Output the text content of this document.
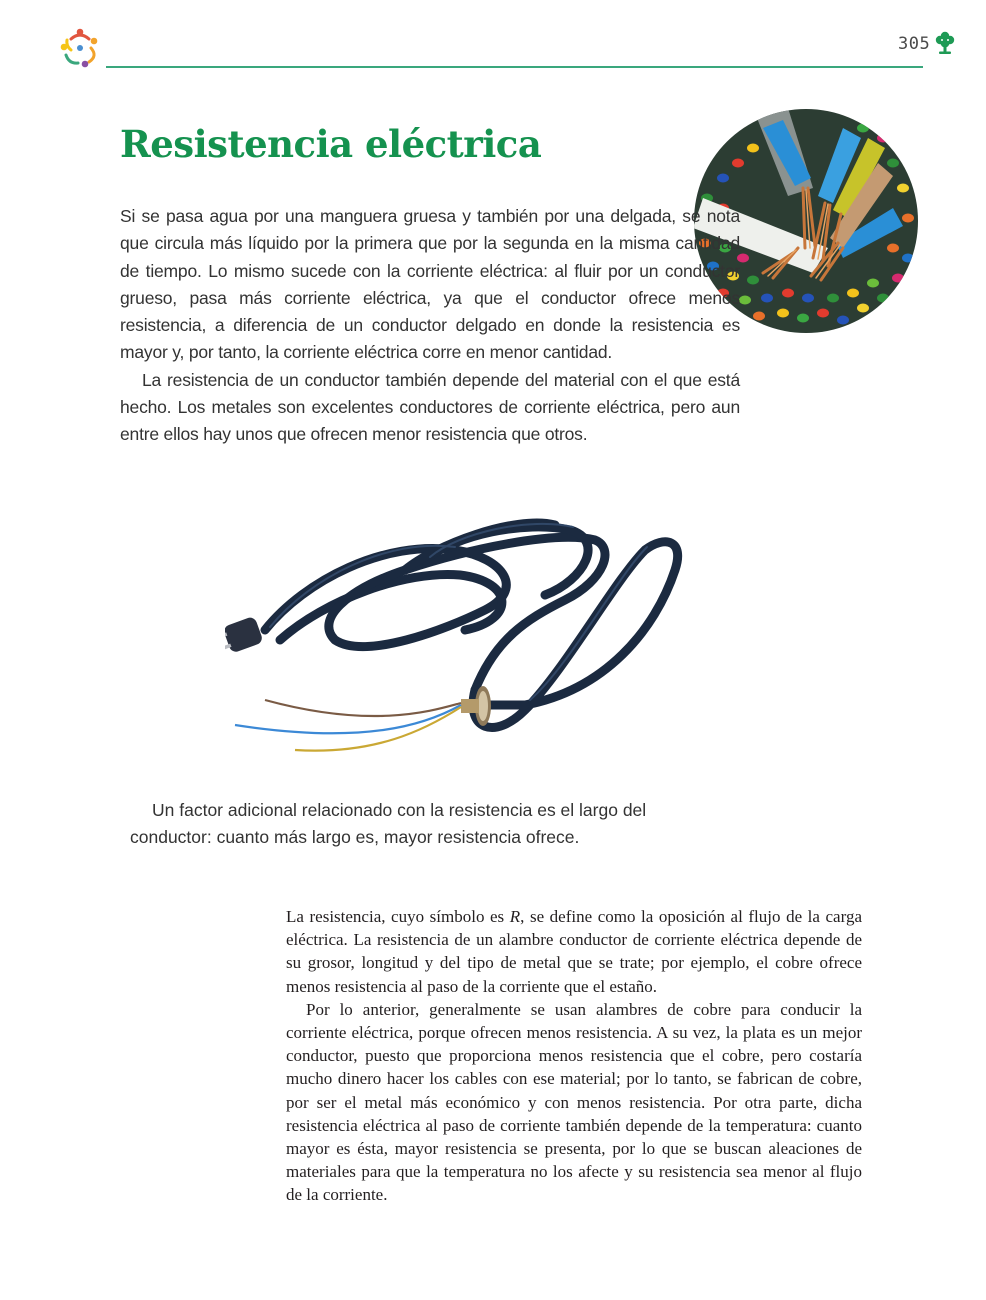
305
Resistencia eléctrica

Si se pasa agua por una manguera gruesa y también por una delgada, se nota que circula más líquido por la primera que por la segunda en la misma cantidad de tiempo. Lo mismo sucede con la corriente eléctrica: al fluir por un conductor grueso, pasa más corriente eléctrica, ya que el conductor ofrece menos resistencia, a diferencia de un conductor delgado en donde la resistencia es mayor y, por tanto, la corriente eléctrica corre en menor cantidad.

La resistencia de un conductor también depende del material con el que está hecho. Los metales son excelentes conductores de corriente eléctrica, pero aun entre ellos hay unos que ofrecen menor resistencia que otros.

Un factor adicional relacionado con la resistencia es el largo del conductor: cuanto más largo es, mayor resistencia ofrece.

La resistencia, cuyo símbolo es R, se define como la oposición al flujo de la carga eléctrica. La resistencia de un alambre conductor de corriente eléctrica depende de su grosor, longitud y del tipo de metal que se trate; por ejemplo, el cobre ofrece menos resistencia al paso de la corriente que el estaño.

Por lo anterior, generalmente se usan alambres de cobre para conducir la corriente eléctrica, porque ofrecen menos resistencia. A su vez, la plata es un mejor conductor, puesto que proporciona menos resistencia que el cobre, pero costaría mucho dinero hacer los cables con ese material; por lo tanto, se fabrican de cobre, por ser el metal más económico y con menos resistencia. Por otra parte, dicha resistencia eléctrica al paso de corriente también depende de la temperatura: cuanto mayor es ésta, mayor resistencia se presenta, por lo que se buscan aleaciones de materiales para que la temperatura no los afecte y su resistencia sea menor al flujo de la corriente.
